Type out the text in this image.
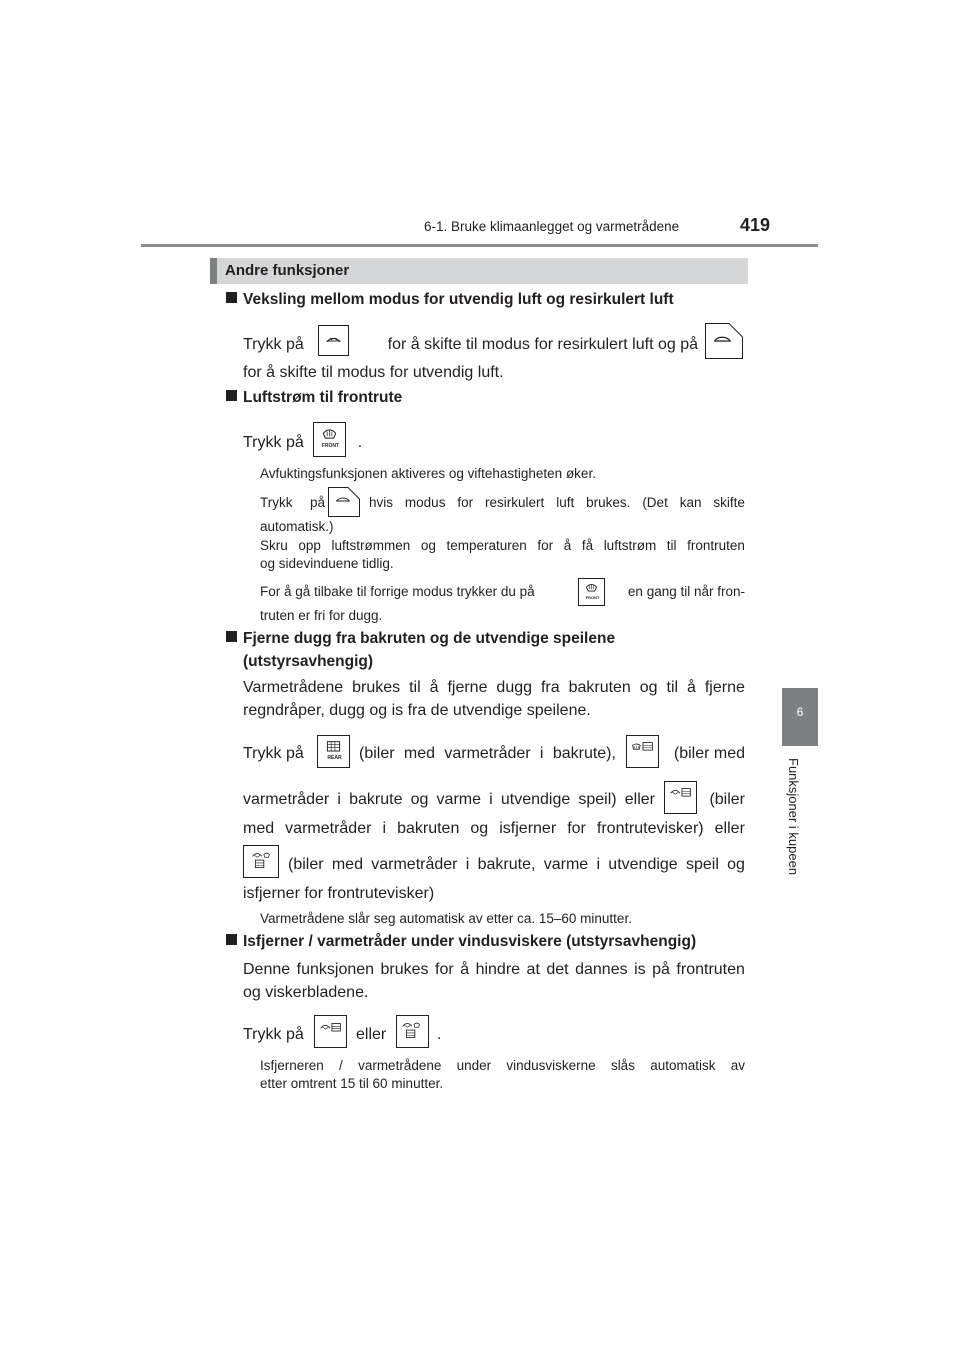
6-1. Bruke klimaanlegget og varmetrådene	419
6
Funksjoner i kupeen
Andre funksjoner
Veksling mellom modus for utvendig luft og resirkulert luft
Trykk på	for å skifte til modus for resirkulert luft og på
for å skifte til modus for utvendig luft.
Luftstrøm til frontrute
Trykk på	.
FRONT
Avfuktingsfunksjonen aktiveres og viftehastigheten øker.
Trykk på	hvis modus for resirkulert luft brukes. (Det kan skifte
automatisk.)
Skru opp luftstrømmen og temperaturen for å få luftstrøm til frontruten
og sidevinduene tidlig.
For å gå tilbake til forrige modus trykker du på	FRONT	en gang til når fron-
truten er fri for dugg.
Fjerne dugg fra bakruten og de utvendige speilene
(utstyrsavhengig)
Varmetrådene brukes til å fjerne dugg fra bakruten og til å fjerne
regndråper, dugg og is fra de utvendige speilene.
Trykk på	REAR	(biler med varmetråder i bakrute),	(biler med
varmetråder i bakrute og varme i utvendige speil) eller	(biler
med varmetråder i bakruten og isfjerner for frontrutevisker) eller
(biler med varmetråder i bakrute, varme i utvendige speil og
isfjerner for frontrutevisker)
Varmetrådene slår seg automatisk av etter ca. 15–60 minutter.
Isfjerner / varmetråder under vindusviskere (utstyrsavhengig)
Denne funksjonen brukes for å hindre at det dannes is på frontruten
og viskerbladene.
Trykk på	eller	.
Isfjerneren / varmetrådene under vindusviskerne slås automatisk av
etter omtrent 15 til 60 minutter.
